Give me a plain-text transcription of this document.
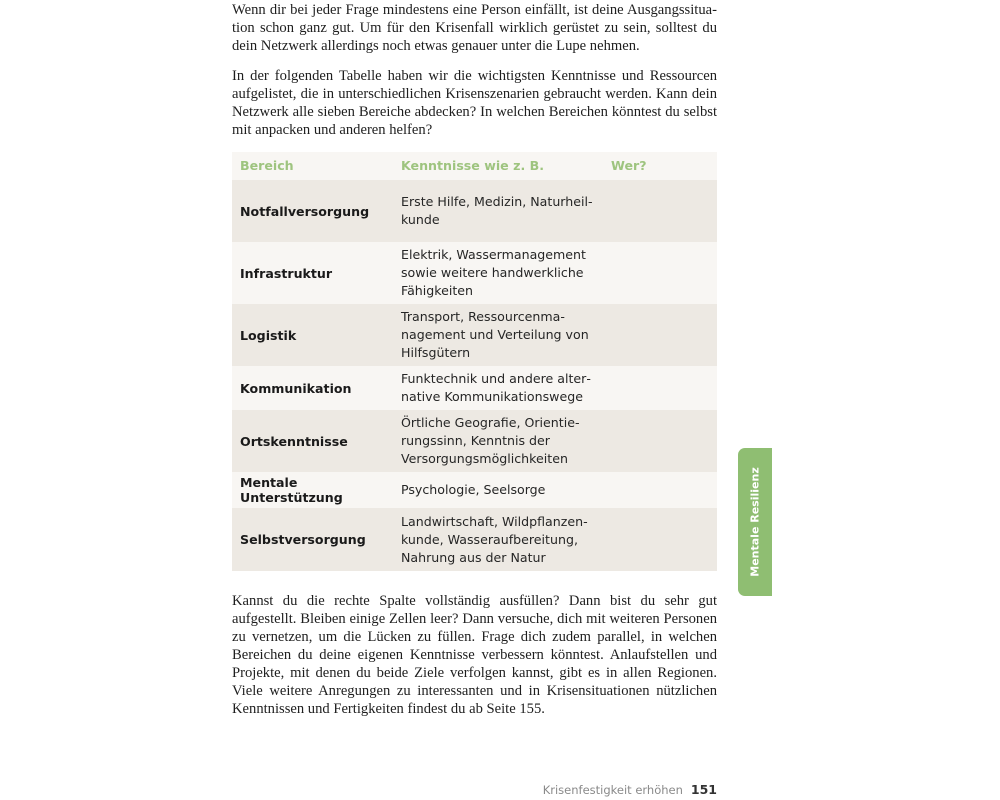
Wenn dir bei jeder Frage mindestens eine Person einfällt, ist deine Ausgangssituation schon ganz gut. Um für den Krisenfall wirklich gerüstet zu sein, solltest du dein Netzwerk allerdings noch etwas genauer unter die Lupe nehmen.

In der folgenden Tabelle haben wir die wichtigsten Kenntnisse und Ressourcen aufgelistet, die in unterschiedlichen Krisenszenarien gebraucht werden. Kann dein Netzwerk alle sieben Bereiche abdecken? In welchen Bereichen könntest du selbst mit anpacken und anderen helfen?

Bereich	Kenntnisse wie z. B.	Wer?
Notfallversorgung
Erste Hilfe, Medizin, Naturheilkunde
Infrastruktur
Elektrik, Wassermanagement sowie weitere handwerkliche Fähigkeiten
Logistik
Transport, Ressourcenmanagement und Verteilung von Hilfsgütern
Kommunikation
Funktechnik und andere alternative Kommunikationswege
Ortskenntnisse
Örtliche Geografie, Orientierungssinn, Kenntnis der Versorgungsmöglichkeiten
Mentale Unterstützung
Psychologie, Seelsorge
Selbstversorgung
Landwirtschaft, Wildpflanzenkunde, Wasseraufbereitung, Nahrung aus der Natur

Kannst du die rechte Spalte vollständig ausfüllen? Dann bist du sehr gut aufgestellt. Bleiben einige Zellen leer? Dann versuche, dich mit weiteren Personen zu vernetzen, um die Lücken zu füllen. Frage dich zudem parallel, in welchen Bereichen du deine eigenen Kenntnisse verbessern könntest. Anlaufstellen und Projekte, mit denen du beide Ziele verfolgen kannst, gibt es in allen Regionen. Viele weitere Anregungen zu interessanten und in Krisensituationen nützlichen Kenntnissen und Fertigkeiten findest du ab Seite 155.

Mentale Resilienz
Krisenfestigkeit erhöhen 151
